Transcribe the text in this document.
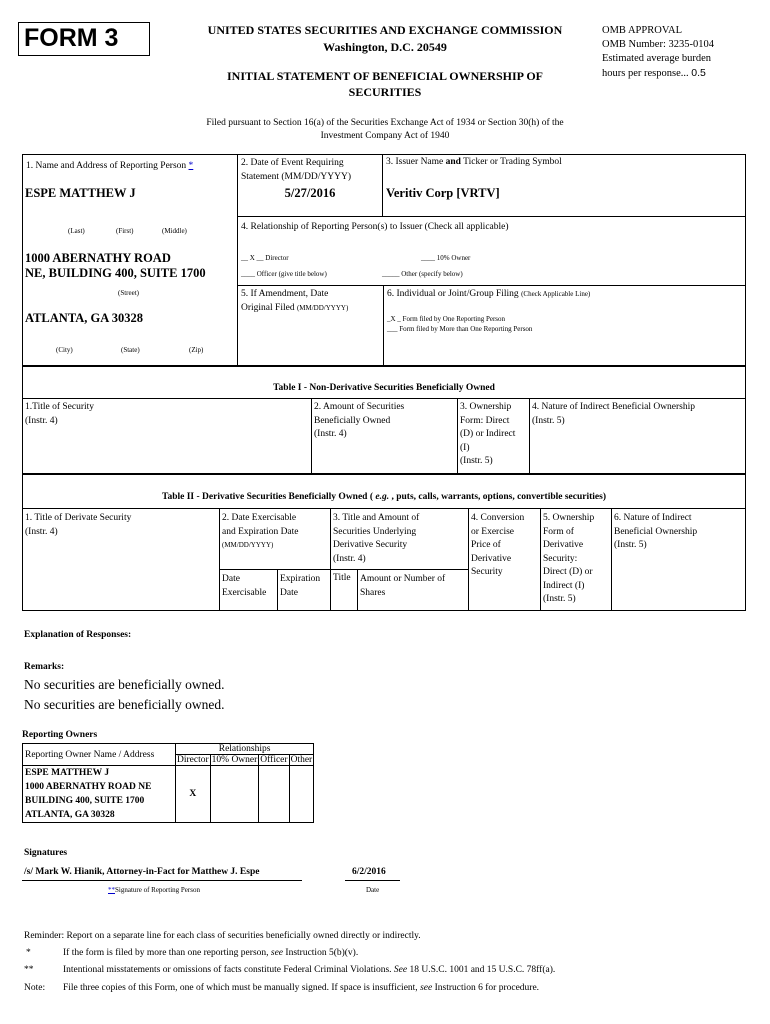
FORM 3	UNITED STATES SECURITIES AND EXCHANGE COMMISSION
Washington, D.C. 20549
INITIAL STATEMENT OF BENEFICIAL OWNERSHIP OF
SECURITIES
OMB APPROVAL
OMB Number: 3235-0104
Estimated average burden
hours per response... 0.5
Filed pursuant to Section 16(a) of the Securities Exchange Act of 1934 or Section 30(h) of the
Investment Company Act of 1940
1. Name and Address of Reporting Person *
ESPE MATTHEW J
(Last)	(First)	(Middle)
1000 ABERNATHY ROAD
NE, BUILDING 400, SUITE 1700
(Street)
ATLANTA, GA 30328
(City)	(State)	(Zip)
2. Date of Event Requiring
Statement (MM/DD/YYYY)
5/27/2016
3. Issuer Name and Ticker or Trading Symbol
Veritiv Corp [VRTV]
4. Relationship of Reporting Person(s) to Issuer (Check all applicable)
__ X __ Director	____ 10% Owner
____ Officer (give title below)	_____ Other (specify below)
5. If Amendment, Date
Original Filed (MM/DD/YYYY)
6. Individual or Joint/Group Filing (Check Applicable Line)
_X _ Form filed by One Reporting Person
___ Form filed by More than One Reporting Person
Table I - Non-Derivative Securities Beneficially Owned
1.Title of Security
(Instr. 4)
2. Amount of Securities
Beneficially Owned
(Instr. 4)
3. Ownership
Form: Direct
(D) or Indirect
(I)
(Instr. 5)
4. Nature of Indirect Beneficial Ownership
(Instr. 5)
Table II - Derivative Securities Beneficially Owned ( e.g. , puts, calls, warrants, options, convertible securities)
1. Title of Derivate Security
(Instr. 4)
2. Date Exercisable
and Expiration Date
(MM/DD/YYYY)
Date
Exercisable
Expiration
Date
3. Title and Amount of
Securities Underlying
Derivative Security
(Instr. 4)
Title Amount or Number of
Shares
4. Conversion
or Exercise
Price of
Derivative
Security
5. Ownership
Form of
Derivative
Security:
Direct (D) or
Indirect (I)
(Instr. 5)
6. Nature of Indirect
Beneficial Ownership
(Instr. 5)
Explanation of Responses:
Remarks:
No securities are beneficially owned.
No securities are beneficially owned.
Reporting Owners
Reporting Owner Name / Address	Relationships			
	Director	10% Owner	Officer	Other

ESPE MATTHEW J
1000 ABERNATHY ROAD NE
BUILDING 400, SUITE 1700
ATLANTA, GA 30328	X			
Signatures
/s/ Mark W. Hianik, Attorney-in-Fact for Matthew J. Espe	6/2/2016
**Signature of Reporting Person	Date
Reminder: Report on a separate line for each class of securities beneficially owned directly or indirectly.
*	If the form is filed by more than one reporting person, see Instruction 5(b)(v).
**	Intentional misstatements or omissions of facts constitute Federal Criminal Violations. See 18 U.S.C. 1001 and 15 U.S.C. 78ff(a).
Note: File three copies of this Form, one of which must be manually signed. If space is insufficient, see Instruction 6 for procedure.
